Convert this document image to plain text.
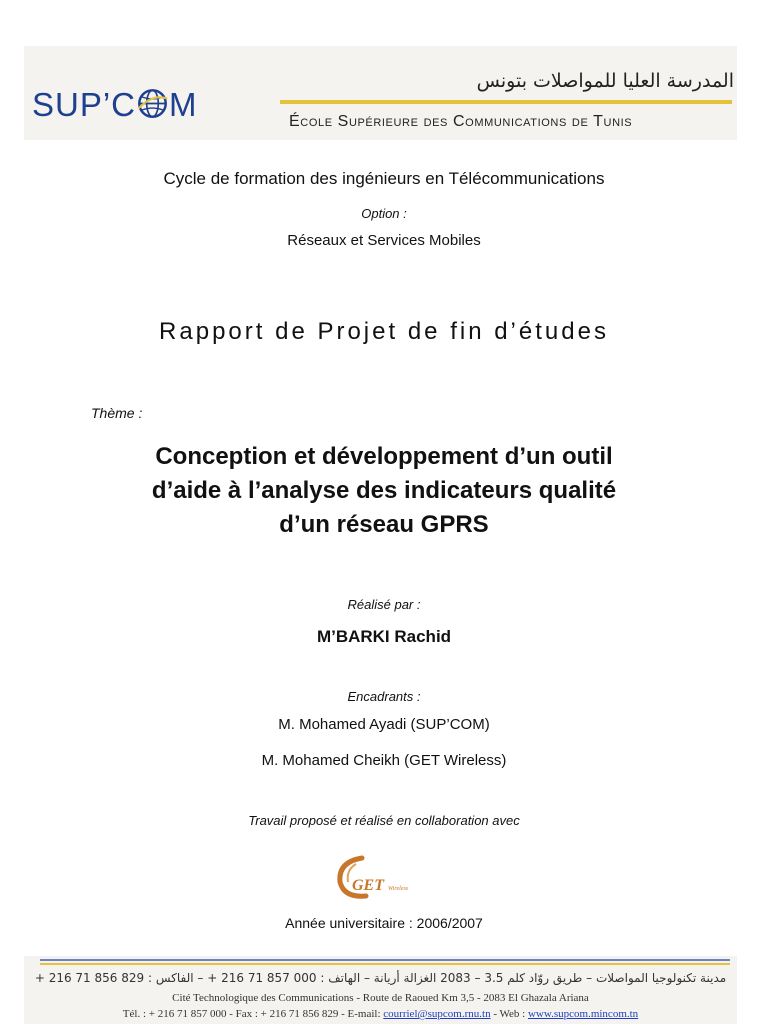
SUP’C M
المدرسة العليا للمواصلات بتونس
École Supérieure des Communications de Tunis
Cycle de formation des ingénieurs en Télécommunications
Option :
Réseaux et Services Mobiles
Rapport de Projet de fin d’études
Thème :
Conception et développement d’un outil
d’aide à l’analyse des indicateurs qualité
d’un réseau GPRS
Réalisé par :
M’BARKI Rachid
Encadrants :
M. Mohamed Ayadi (SUP’COM)
M. Mohamed Cheikh (GET Wireless)
Travail proposé et réalisé en collaboration avec
GET Wireless
Année universitaire : 2006/2007
مدينة تكنولوجيا المواصلات – طريق روّاد كلم 3.5 – 2083 الغزالة أريانة – الهاتف : 000 857 71 216 + – الفاكس : 829 856 71 216 +
Cité Technologique des Communications - Route de Raoued Km 3,5 - 2083 El Ghazala Ariana
Tél. : + 216 71 857 000 - Fax : + 216 71 856 829 - E-mail: courriel@supcom.rnu.tn - Web : www.supcom.mincom.tn
